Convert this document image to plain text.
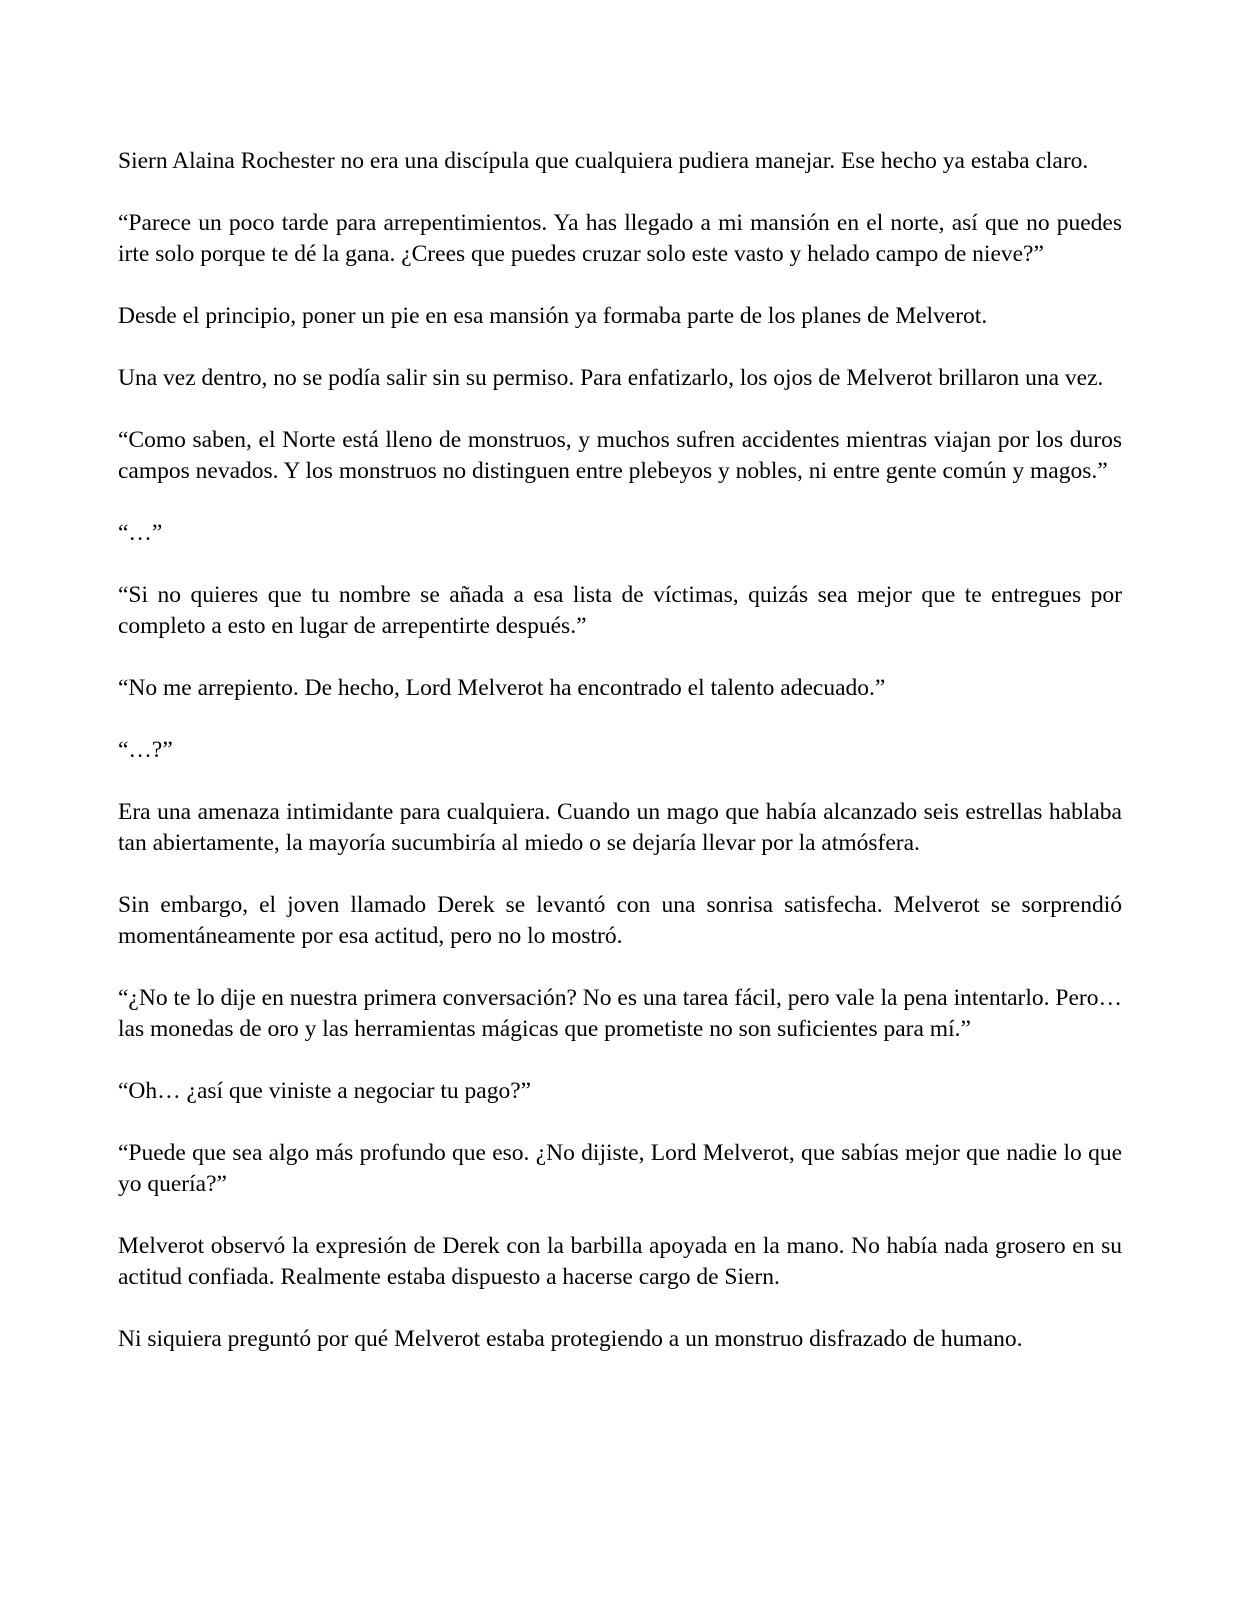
Siern Alaina Rochester no era una discípula que cualquiera pudiera manejar. Ese hecho ya estaba claro.

“Parece un poco tarde para arrepentimientos. Ya has llegado a mi mansión en el norte, así que no puedes irte solo porque te dé la gana. ¿Crees que puedes cruzar solo este vasto y helado campo de nieve?”

Desde el principio, poner un pie en esa mansión ya formaba parte de los planes de Melverot.

Una vez dentro, no se podía salir sin su permiso. Para enfatizarlo, los ojos de Melverot brillaron una vez.

“Como saben, el Norte está lleno de monstruos, y muchos sufren accidentes mientras viajan por los duros campos nevados. Y los monstruos no distinguen entre plebeyos y nobles, ni entre gente común y magos.”

“…”

“Si no quieres que tu nombre se añada a esa lista de víctimas, quizás sea mejor que te entregues por completo a esto en lugar de arrepentirte después.”

“No me arrepiento. De hecho, Lord Melverot ha encontrado el talento adecuado.”

“…?”

Era una amenaza intimidante para cualquiera. Cuando un mago que había alcanzado seis estrellas hablaba tan abiertamente, la mayoría sucumbiría al miedo o se dejaría llevar por la atmósfera.

Sin embargo, el joven llamado Derek se levantó con una sonrisa satisfecha. Melverot se sorprendió momentáneamente por esa actitud, pero no lo mostró.

“¿No te lo dije en nuestra primera conversación? No es una tarea fácil, pero vale la pena intentarlo. Pero… las monedas de oro y las herramientas mágicas que prometiste no son suficientes para mí.”

“Oh… ¿así que viniste a negociar tu pago?”

“Puede que sea algo más profundo que eso. ¿No dijiste, Lord Melverot, que sabías mejor que nadie lo que yo quería?”

Melverot observó la expresión de Derek con la barbilla apoyada en la mano. No había nada grosero en su actitud confiada. Realmente estaba dispuesto a hacerse cargo de Siern.

Ni siquiera preguntó por qué Melverot estaba protegiendo a un monstruo disfrazado de humano.
